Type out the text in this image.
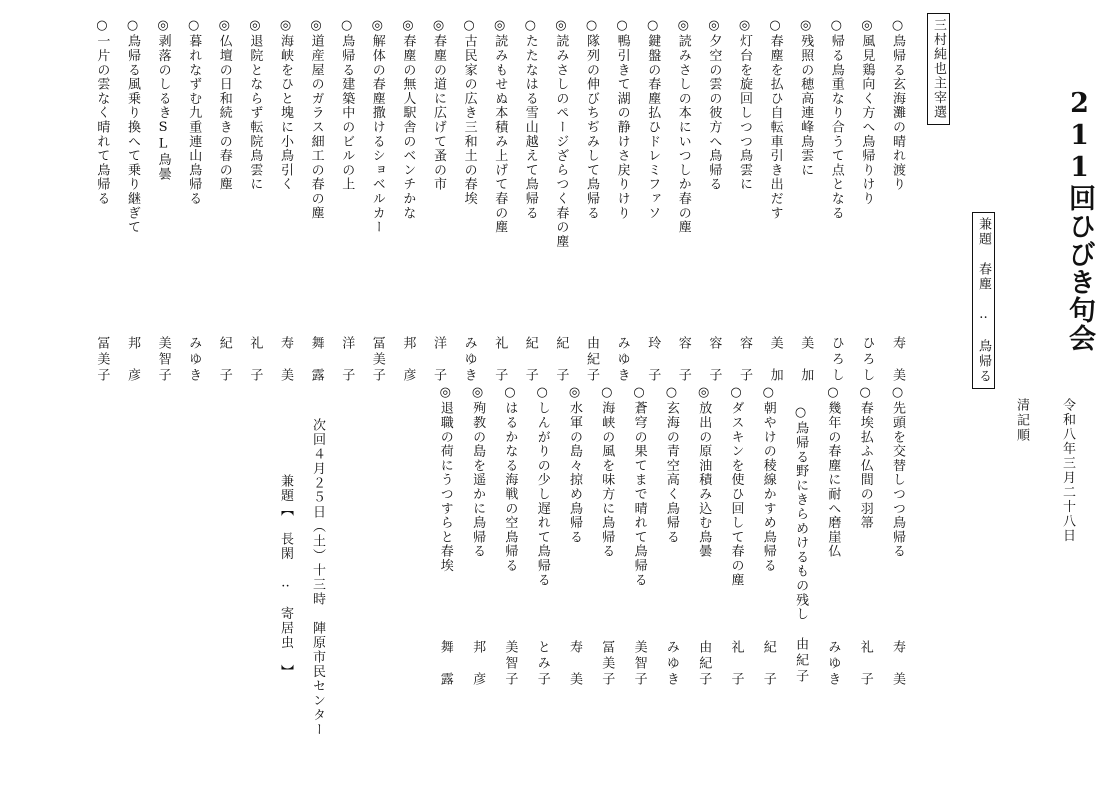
211回ひびき句会
令和八年三月二十八日
清記順
兼題　春塵　‥　鳥帰る
三村純也主宰選
○鳥帰る玄海灘の晴れ渡り
寿　美
◎風見鶏向く方へ鳥帰りけり
ひろし
○帰る鳥重なり合うて点となる
ひろし
◎残照の穂高連峰鳥雲に
美　加
○春塵を払ひ自転車引き出だす
美　加
◎灯台を旋回しつつ鳥雲に
容　子
◎夕空の雲の彼方へ鳥帰る
容　子
◎読みさしの本にいつしか春の塵
容　子
○鍵盤の春塵払ひドレミファソ
玲　子
○鴨引きて湖の静けさ戻りけり
みゆき
○隊列の伸びちぢみして鳥帰る
由紀子
◎読みさしのページざらつく春の塵
紀　子
○たたなはる雪山越えて鳥帰る
紀　子
◎読みもせぬ本積み上げて春の塵
礼　子
○古民家の広き三和土の春埃
みゆき
◎春塵の道に広げて蚤の市
洋　子
◎春塵の無人駅舎のベンチかな
邦　彦
◎解体の春塵撒けるショベルカー
冨美子
○鳥帰る建築中のビルの上
洋　子
◎道産屋のガラス細工の春の塵
舞　露
◎海峡をひと塊に小鳥引く
寿　美
◎退院とならず転院鳥雲に
礼　子
◎仏壇の日和続きの春の塵
紀　子
○暮れなずむ九重連山鳥帰る
みゆき
◎剥落のしるきSL鳥曇
美智子
○鳥帰る風乗り換へて乗り継ぎて
邦　彦
○一片の雲なく晴れて鳥帰る
冨美子
○先頭を交替しつつ鳥帰る
寿　美
○春埃払ふ仏間の羽箒
礼　子
○幾年の春塵に耐へ磨崖仏
みゆき
○鳥帰る野にきらめけるもの残し
由紀子
○朝やけの稜線かすめ鳥帰る
紀　子
○ダスキンを使ひ回して春の塵
礼　子
◎放出の原油積み込む鳥曇
由紀子
○玄海の青空高く鳥帰る
みゆき
○蒼穹の果てまで晴れて鳥帰る
美智子
○海峡の風を味方に鳥帰る
冨美子
◎水軍の島々掠め鳥帰る
寿　美
○しんがりの少し遅れて鳥帰る
とみ子
○はるかなる海戦の空鳥帰る
美智子
◎殉教の島を遥かに鳥帰る
邦　彦
◎退職の荷にうつすらと春埃
舞　露
次回４月２５日（土）十三時　陣原市民センター
兼題【　長閑　‥　寄居虫　】
